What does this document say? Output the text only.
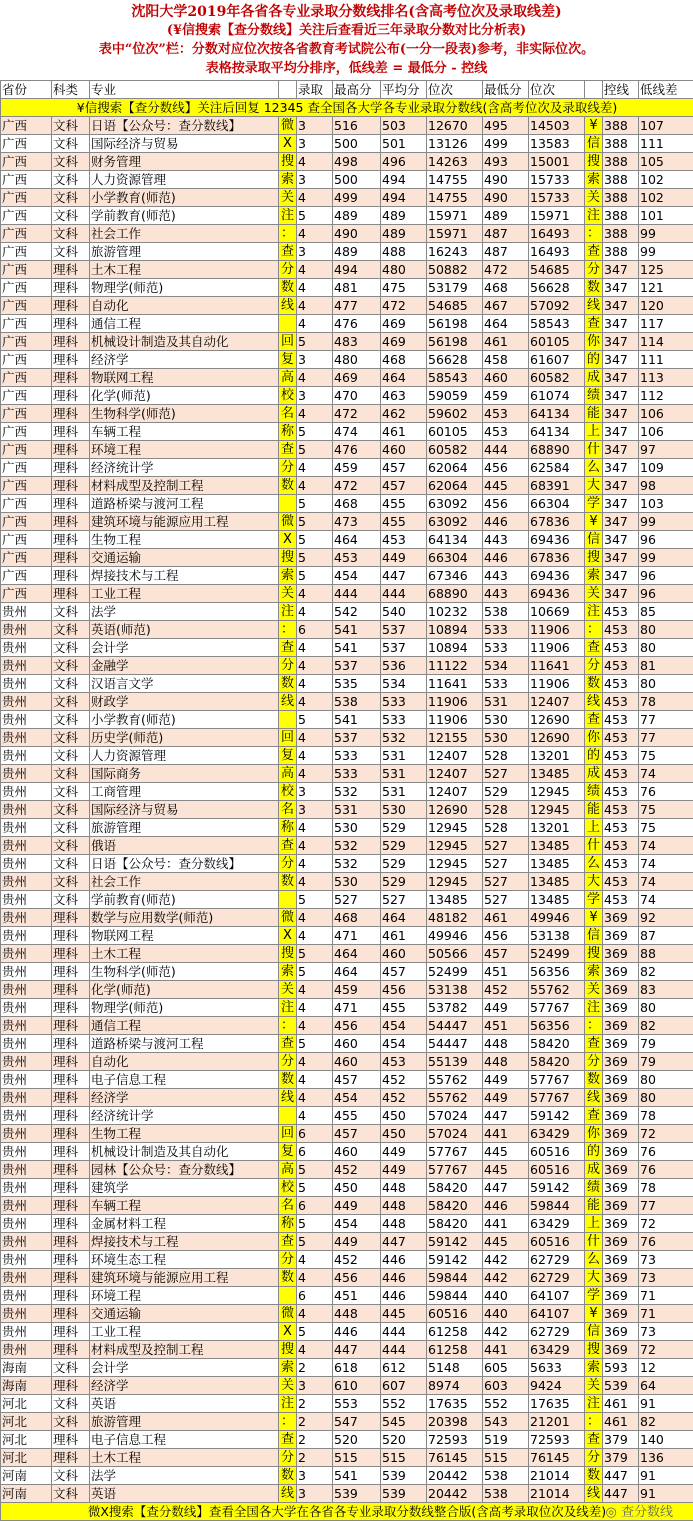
沈阳大学2019年各省各专业录取分数线排名(含高考位次及录取线差)
(¥信搜索【查分数线】关注后查看近三年录取分数对比分析表)
表中“位次”栏：分数对应位次按各省教育考试院公布(一分一段表)参考，非实际位次。
表格按录取平均分排序，低线差 = 最低分 - 控线
省份	科类	专业		录取	最高分	平均分	位次	最低分	位次		控线	低线差
¥信搜索【查分数线】关注后回复 12345 查全国各大学各专业录取分数线(含高考位次及录取线差)												
广西	文科	日语【公众号：查分数线】	微	3	516	503	12670	495	14503	¥	388	107
广西	文科	国际经济与贸易	X	3	500	501	13126	499	13583	信	388	111
广西	文科	财务管理	搜	4	498	496	14263	493	15001	搜	388	105
广西	文科	人力资源管理	索	3	500	494	14755	490	15733	索	388	102
广西	文科	小学教育(师范)	关	4	499	494	14755	490	15733	关	388	102
广西	文科	学前教育(师范)	注	5	489	489	15971	489	15971	注	388	101
广西	文科	社会工作	：	4	490	489	15971	487	16493	：	388	99
广西	文科	旅游管理	查	3	489	488	16243	487	16493	查	388	99
广西	理科	土木工程	分	4	494	480	50882	472	54685	分	347	125
广西	理科	物理学(师范)	数	4	481	475	53179	468	56628	数	347	121
广西	理科	自动化	线	4	477	472	54685	467	57092	线	347	120
广西	理科	通信工程		4	476	469	56198	464	58543	查	347	117
广西	理科	机械设计制造及其自动化	回	5	483	469	56198	461	60105	你	347	114
广西	理科	经济学	复	3	480	468	56628	458	61607	的	347	111
广西	理科	物联网工程	高	4	469	464	58543	460	60582	成	347	113
广西	理科	化学(师范)	校	3	470	463	59059	459	61074	绩	347	112
广西	理科	生物科学(师范)	名	4	472	462	59602	453	64134	能	347	106
广西	理科	车辆工程	称	5	474	461	60105	453	64134	上	347	106
广西	理科	环境工程	查	5	476	460	60582	444	68890	什	347	97
广西	理科	经济统计学	分	4	459	457	62064	456	62584	么	347	109
广西	理科	材料成型及控制工程	数	4	472	457	62064	445	68391	大	347	98
广西	理科	道路桥梁与渡河工程		5	468	455	63092	456	66304	学	347	103
广西	理科	建筑环境与能源应用工程	微	5	473	455	63092	446	67836	¥	347	99
广西	理科	生物工程	X	5	464	453	64134	443	69436	信	347	96
广西	理科	交通运输	搜	5	453	449	66304	446	67836	搜	347	99
广西	理科	焊接技术与工程	索	5	454	447	67346	443	69436	索	347	96
广西	理科	工业工程	关	4	444	444	68890	443	69436	关	347	96
贵州	文科	法学	注	4	542	540	10232	538	10669	注	453	85
贵州	文科	英语(师范)	：	6	541	537	10894	533	11906	：	453	80
贵州	文科	会计学	查	4	541	537	10894	533	11906	查	453	80
贵州	文科	金融学	分	4	537	536	11122	534	11641	分	453	81
贵州	文科	汉语言文学	数	4	535	534	11641	533	11906	数	453	80
贵州	文科	财政学	线	4	538	533	11906	531	12407	线	453	78
贵州	文科	小学教育(师范)		5	541	533	11906	530	12690	查	453	77
贵州	文科	历史学(师范)	回	4	537	532	12155	530	12690	你	453	77
贵州	文科	人力资源管理	复	4	533	531	12407	528	13201	的	453	75
贵州	文科	国际商务	高	4	533	531	12407	527	13485	成	453	74
贵州	文科	工商管理	校	3	532	531	12407	529	12945	绩	453	76
贵州	文科	国际经济与贸易	名	3	531	530	12690	528	12945	能	453	75
贵州	文科	旅游管理	称	4	530	529	12945	528	13201	上	453	75
贵州	文科	俄语	查	4	532	529	12945	527	13485	什	453	74
贵州	文科	日语【公众号：查分数线】	分	4	532	529	12945	527	13485	么	453	74
贵州	文科	社会工作	数	4	530	529	12945	527	13485	大	453	74
贵州	文科	学前教育(师范)		5	527	527	13485	527	13485	学	453	74
贵州	理科	数学与应用数学(师范)	微	4	468	464	48182	461	49946	¥	369	92
贵州	理科	物联网工程	X	4	471	461	49946	456	53138	信	369	87
贵州	理科	土木工程	搜	5	464	460	50566	457	52499	搜	369	88
贵州	理科	生物科学(师范)	索	5	464	457	52499	451	56356	索	369	82
贵州	理科	化学(师范)	关	4	459	456	53138	452	55762	关	369	83
贵州	理科	物理学(师范)	注	4	471	455	53782	449	57767	注	369	80
贵州	理科	通信工程	：	4	456	454	54447	451	56356	：	369	82
贵州	理科	道路桥梁与渡河工程	查	5	460	454	54447	448	58420	查	369	79
贵州	理科	自动化	分	4	460	453	55139	448	58420	分	369	79
贵州	理科	电子信息工程	数	4	457	452	55762	449	57767	数	369	80
贵州	理科	经济学	线	4	454	452	55762	449	57767	线	369	80
贵州	理科	经济统计学		4	455	450	57024	447	59142	查	369	78
贵州	理科	生物工程	回	6	457	450	57024	441	63429	你	369	72
贵州	理科	机械设计制造及其自动化	复	6	460	449	57767	445	60516	的	369	76
贵州	理科	园林【公众号：查分数线】	高	5	452	449	57767	445	60516	成	369	76
贵州	理科	建筑学	校	5	450	448	58420	447	59142	绩	369	78
贵州	理科	车辆工程	名	6	449	448	58420	446	59844	能	369	77
贵州	理科	金属材料工程	称	5	454	448	58420	441	63429	上	369	72
贵州	理科	焊接技术与工程	查	5	449	447	59142	445	60516	什	369	76
贵州	理科	环境生态工程	分	4	452	446	59142	442	62729	么	369	73
贵州	理科	建筑环境与能源应用工程	数	4	456	446	59844	442	62729	大	369	73
贵州	理科	环境工程		6	451	446	59844	440	64107	学	369	71
贵州	理科	交通运输	微	4	448	445	60516	440	64107	¥	369	71
贵州	理科	工业工程	X	5	446	444	61258	442	62729	信	369	73
贵州	理科	材料成型及控制工程	搜	4	447	444	61258	441	63429	搜	369	72
海南	文科	会计学	索	2	618	612	5148	605	5633	索	593	12
海南	理科	经济学	关	3	610	607	8974	603	9424	关	539	64
河北	文科	英语	注	2	553	552	17635	552	17635	注	461	91
河北	文科	旅游管理	：	2	547	545	20398	543	21201	：	461	82
河北	理科	电子信息工程	查	2	520	520	72593	519	72593	查	379	140
河北	理科	土木工程	分	2	515	515	76145	515	76145	分	379	136
河南	文科	法学	数	3	541	539	20442	538	21014	数	447	91
河南	文科	英语	线	3	539	539	20442	538	21014	线	447	91
微X搜索【查分数线】查看全国各大学在各省各专业录取分数线整合版(含高考录取位次及线差)												◎ 查分数线
